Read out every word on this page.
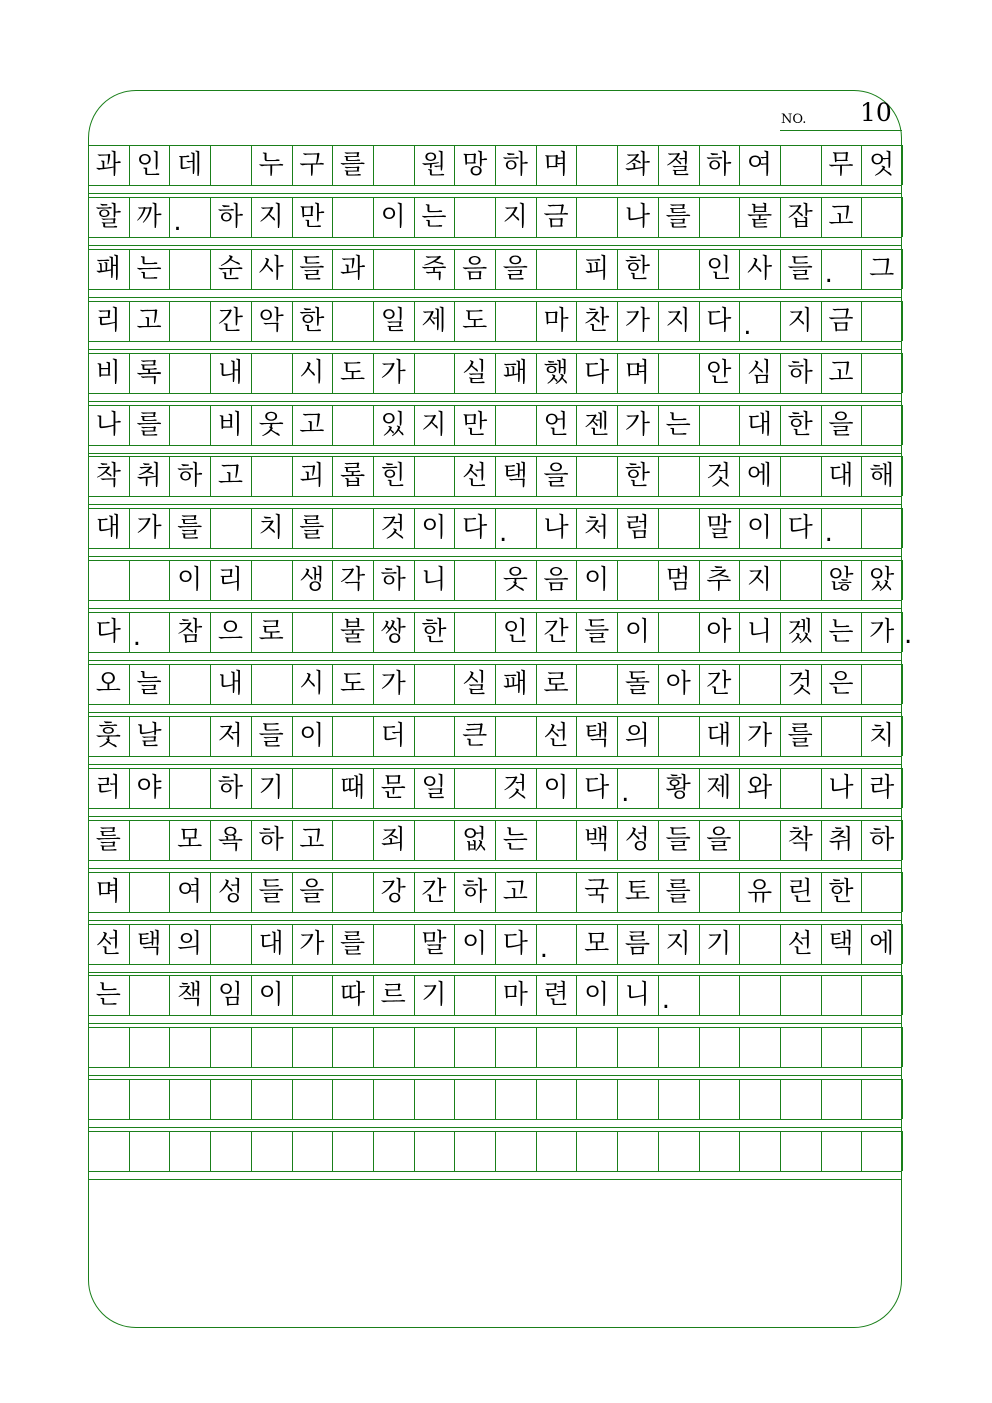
NO. 10
과 인 데 누 구 를 원 망 하 며 좌 절 하 여 무 엇
할 까 .	하 지 만 이 는 지 금 나 를 붙 잡 고
패 는 순 사 들 과 죽 음 을 피 한 인 사 들 .	그
리 고 간 악 한 일 제 도 마 찬 가 지 다 .	지 금
비 록 내 시 도 가 실 패 했 다 며 안 심 하 고
나 를 비 웃 고 있 지 만 언 젠 가 는 대 한 을
착 취 하 고 괴 롭 힌 선 택 을 한 것 에 대 해
대 가 를 치 를 것 이 다 .	나 처 럼 말 이 다 .
이 리 생 각 하 니 웃 음 이 멈 추 지 않 았
다 .	참 으 로 불 쌍 한 인 간 들 이 아 니 겠 는 가 .
오 늘 내 시 도 가 실 패 로 돌 아 간 것 은
훗 날 저 들 이 더 큰 선 택 의 대 가 를 치
러 야 하 기 때 문 일 것 이 다 .	황 제 와 나 라
를 모 욕 하 고 죄 없 는 백 성 들 을 착 취 하
며 여 성 들 을 강 간 하 고 국 토 를 유 린 한
선 택 의 대 가 를 말 이 다 .	모 름 지 기 선 택 에
는 책 임 이 따 르 기 마 련 이 니 .
